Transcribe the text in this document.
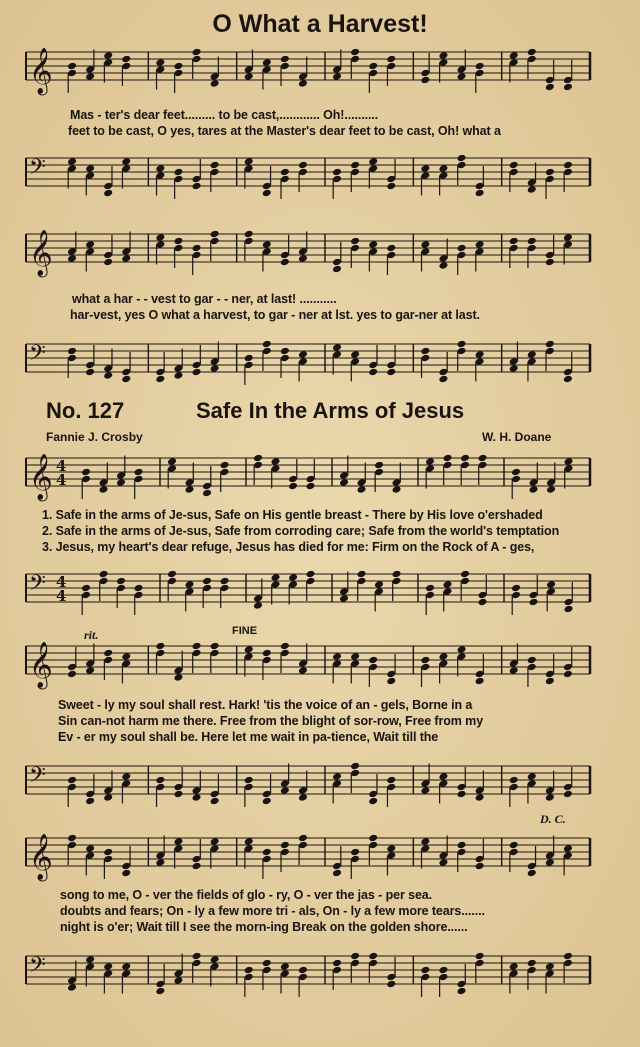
O What a Harvest!
𝄞
Mas - ter's dear feet......... to be cast,............ Oh!..........
feet to be cast, O yes, tares at the Master's dear feet to be cast, Oh! what a
𝄢
𝄞
what a har - - vest to gar - - ner, at last! ...........
har-vest, yes O what a harvest, to gar - ner at lst. yes to gar-ner at last.
𝄢
No. 127	Safe In the Arms of Jesus
Fannie J. Crosby	W. H. Doane
𝄞 4
4
1. Safe in the arms of Je-sus, Safe on His gentle breast - There by His love o'ershaded
2. Safe in the arms of Je-sus, Safe from corroding care; Safe from the world's temptation
3. Jesus, my heart's dear refuge, Jesus has died for me: Firm on the Rock of A - ges,
𝄢 4
4
rit.	FINE
𝄞
Sweet - ly my soul shall rest. Hark! 'tis the voice of an - gels, Borne in a
Sin can-not harm me there. Free from the blight of sor-row, Free from my
Ev - er my soul shall be. Here let me wait in pa-tience, Wait till the
𝄢
D. C.
𝄞
song to me, O - ver the fields of glo - ry, O - ver the jas - per sea.
doubts and fears; On - ly a few more tri - als, On - ly a few more tears.......
night is o'er; Wait till I see the morn-ing Break on the golden shore......
𝄢
